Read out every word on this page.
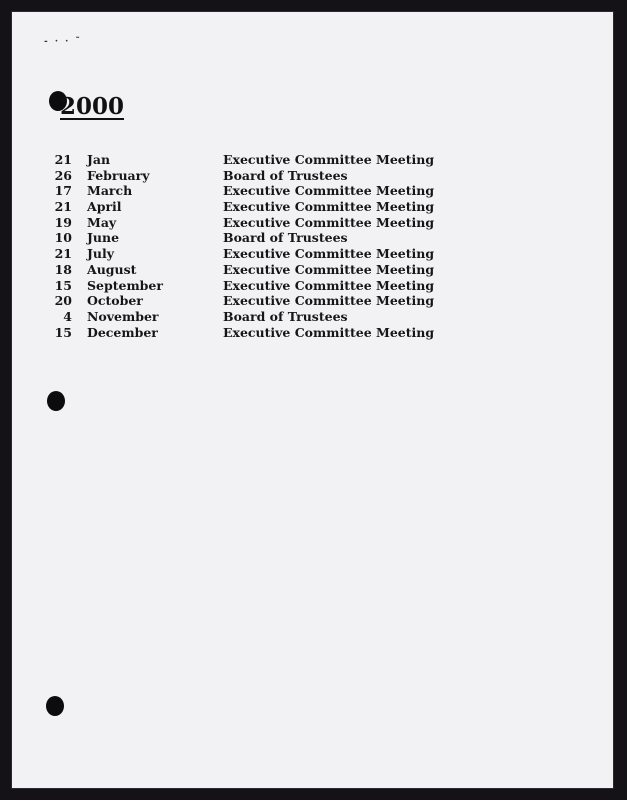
- · · ˜
2000
21 Jan	Executive Committee Meeting
26 February	Board of Trustees
17 March	Executive Committee Meeting
21 April	Executive Committee Meeting
19 May	Executive Committee Meeting
10 June	Board of Trustees
21 July	Executive Committee Meeting
18 August	Executive Committee Meeting
15 September	Executive Committee Meeting
20 October	Executive Committee Meeting
4 November	Board of Trustees
15 December	Executive Committee Meeting
